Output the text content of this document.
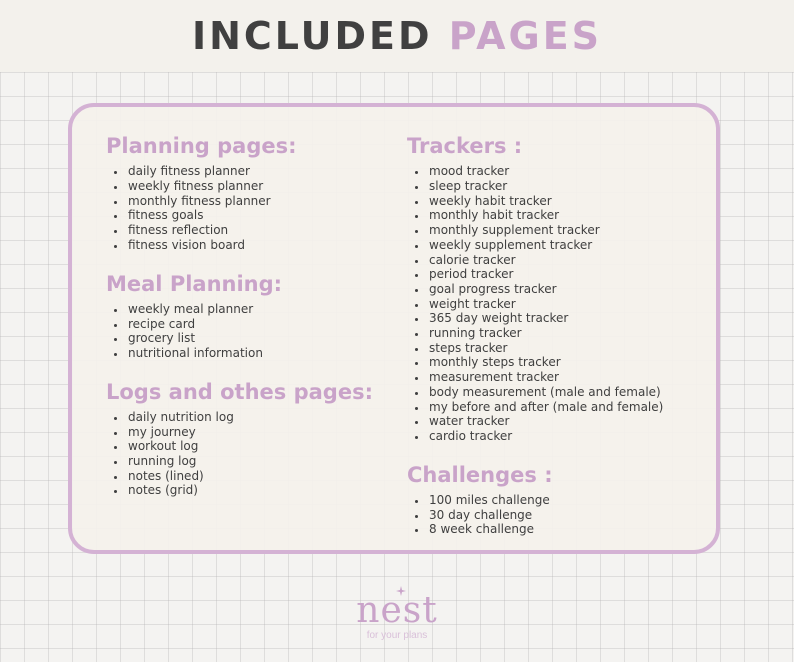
INCLUDED PAGES
Planning pages:
• daily fitness planner
• weekly fitness planner
• monthly fitness planner
• fitness goals
• fitness reflection
• fitness vision board
Meal Planning:
• weekly meal planner
• recipe card
• grocery list
• nutritional information
Logs and othes pages:
• daily nutrition log
• my journey
• workout log
• running log
• notes (lined)
• notes (grid)
Trackers :
• mood tracker
• sleep tracker
• weekly habit tracker
• monthly habit tracker
• monthly supplement tracker
• weekly supplement tracker
• calorie tracker
• period tracker
• goal progress tracker
• weight tracker
• 365 day weight tracker
• running tracker
• steps tracker
• monthly steps tracker
• measurement tracker
• body measurement (male and female)
• my before and after (male and female)
• water tracker
• cardio tracker
Challenges :
• 100 miles challenge
• 30 day challenge
• 8 week challenge
nest
for your plans
